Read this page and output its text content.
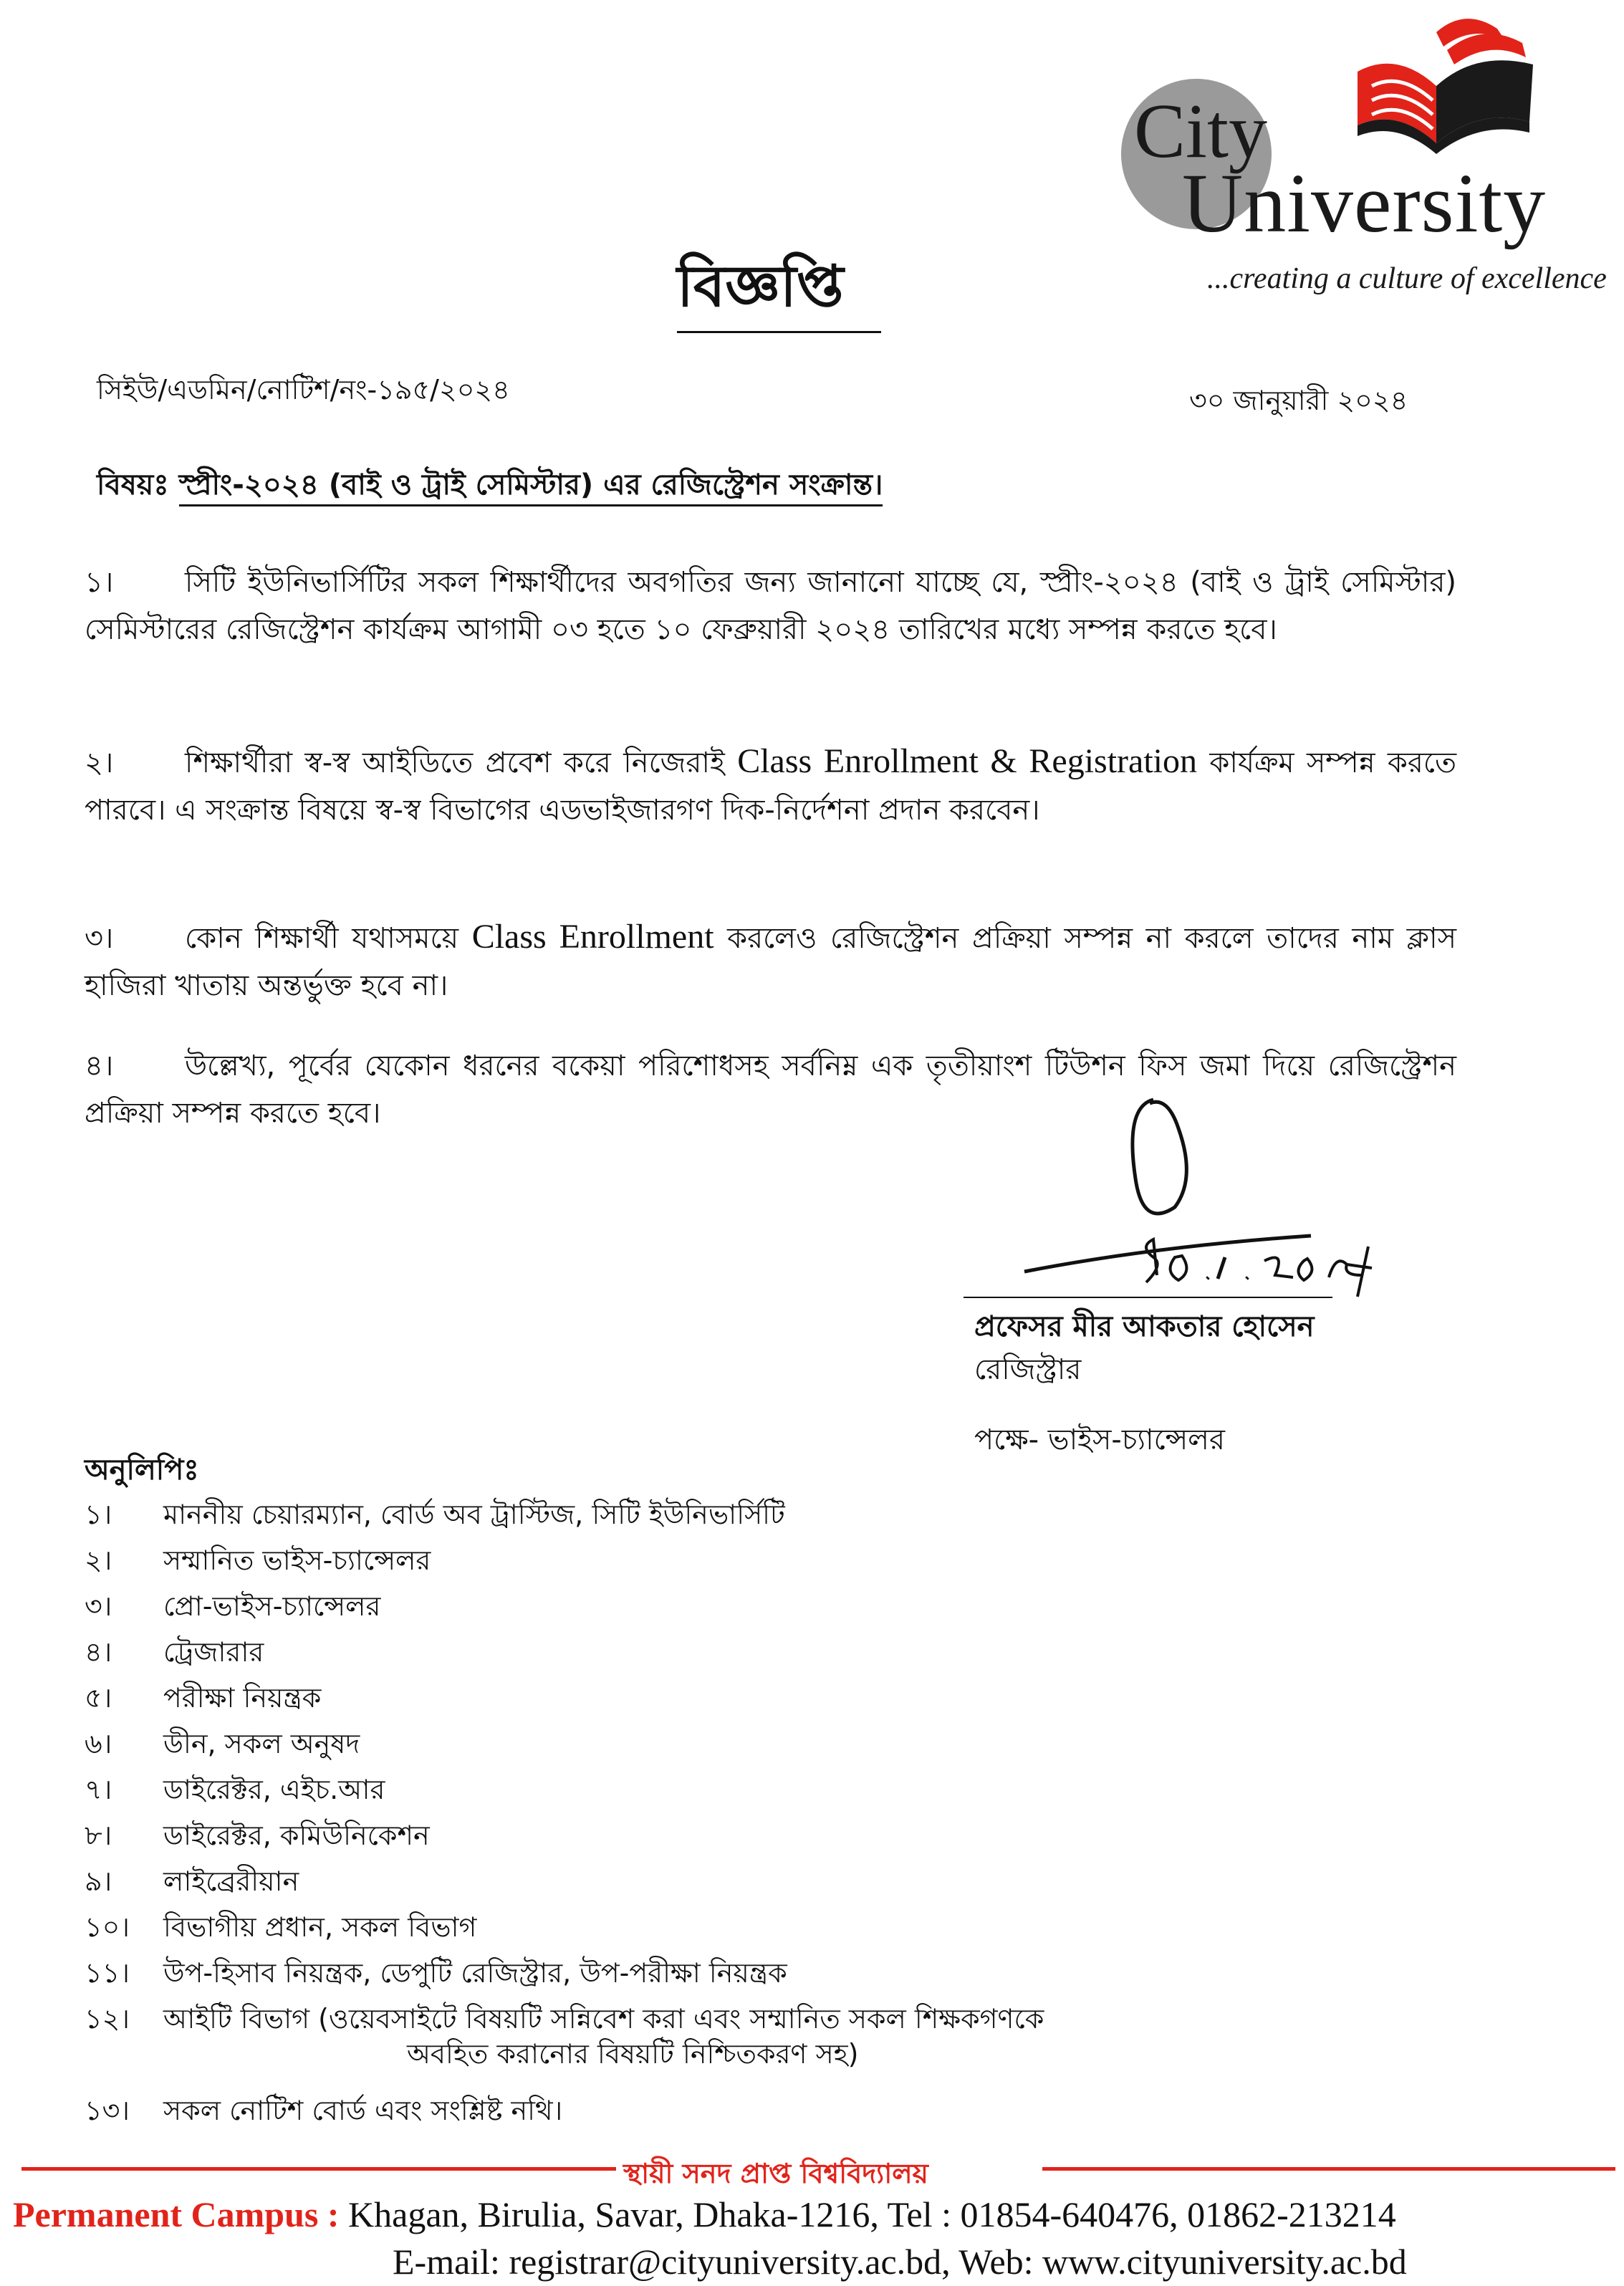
City
University
...creating a culture of excellence
বিজ্ঞপ্তি
সিইউ/এডমিন/নোটিশ/নং-১৯৫/২০২৪	৩০ জানুয়ারী ২০২৪
বিষয়ঃ স্প্রীং-২০২৪ (বাই ও ট্রাই সেমিস্টার) এর রেজিস্ট্রেশন সংক্রান্ত।
১। সিটি ইউনিভার্সিটির সকল শিক্ষার্থীদের অবগতির জন্য জানানো যাচ্ছে যে, স্প্রীং-২০২৪ (বাই ও ট্রাই সেমিস্টার) সেমিস্টারের রেজিস্ট্রেশন কার্যক্রম আগামী ০৩ হতে ১০ ফেব্রুয়ারী ২০২৪ তারিখের মধ্যে সম্পন্ন করতে হবে।
২। শিক্ষার্থীরা স্ব-স্ব আইডিতে প্রবেশ করে নিজেরাই Class Enrollment & Registration কার্যক্রম সম্পন্ন করতে পারবে। এ সংক্রান্ত বিষয়ে স্ব-স্ব বিভাগের এডভাইজারগণ দিক-নির্দেশনা প্রদান করবেন।
৩। কোন শিক্ষার্থী যথাসময়ে Class Enrollment করলেও রেজিস্ট্রেশন প্রক্রিয়া সম্পন্ন না করলে তাদের নাম ক্লাস হাজিরা খাতায় অন্তর্ভুক্ত হবে না।
৪। উল্লেখ্য, পূর্বের যেকোন ধরনের বকেয়া পরিশোধসহ সর্বনিম্ন এক তৃতীয়াংশ টিউশন ফিস জমা দিয়ে রেজিস্ট্রেশন প্রক্রিয়া সম্পন্ন করতে হবে।
প্রফেসর মীর আকতার হোসেন
রেজিস্ট্রার
পক্ষে- ভাইস-চ্যান্সেলর
অনুলিপিঃ
১।	মাননীয় চেয়ারম্যান, বোর্ড অব ট্রাস্টিজ, সিটি ইউনিভার্সিটি
২।	সম্মানিত ভাইস-চ্যান্সেলর
৩।	প্রো-ভাইস-চ্যান্সেলর
৪।	ট্রেজারার
৫।	পরীক্ষা নিয়ন্ত্রক
৬।	ডীন, সকল অনুষদ
৭।	ডাইরেক্টর, এইচ.আর
৮।	ডাইরেক্টর, কমিউনিকেশন
৯।	লাইব্রেরীয়ান
১০।	বিভাগীয় প্রধান, সকল বিভাগ
১১।	উপ-হিসাব নিয়ন্ত্রক, ডেপুটি রেজিস্ট্রার, উপ-পরীক্ষা নিয়ন্ত্রক
১২।	আইটি বিভাগ (ওয়েবসাইটে বিষয়টি সন্নিবেশ করা এবং সম্মানিত সকল শিক্ষকগণকে
অবহিত করানোর বিষয়টি নিশ্চিতকরণ সহ)
১৩।	সকল নোটিশ বোর্ড এবং সংশ্লিষ্ট নথি।
স্থায়ী সনদ প্রাপ্ত বিশ্ববিদ্যালয়
Permanent Campus : Khagan, Birulia, Savar, Dhaka-1216, Tel : 01854-640476, 01862-213214
E-mail: registrar@cityuniversity.ac.bd, Web: www.cityuniversity.ac.bd
